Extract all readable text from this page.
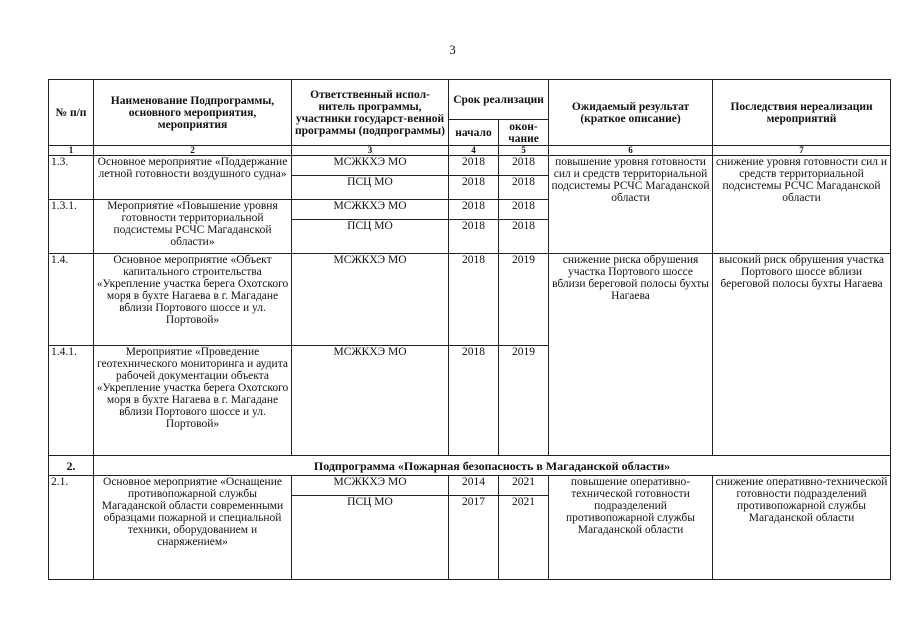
3
№ п/п	Наименование Подпрограммы, основного мероприятия, мероприятия	Ответственный испол-нитель программы, участники государст-венной программы (подпрограммы)	Срок реализации		Ожидаемый результат (краткое описание)	Последствия нереализации мероприятий
			начало	окон-чание		
1	2	3	4	5	6	7
1.3.	Основное мероприятие «Поддержание летной готовности воздушного судна»	МСЖКХЭ МО	2018	2018	повышение уровня готовности сил и средств территориальной подсистемы РСЧС Магаданской области	снижение уровня готовности сил и средств территориальной подсистемы РСЧС Магаданской области
		ПСЦ МО	2018	2018		
1.3.1.	Мероприятие «Повышение уровня готовности территориальной подсистемы РСЧС Магаданской области»	МСЖКХЭ МО	2018	2018		
		ПСЦ МО	2018	2018		
1.4.	Основное мероприятие «Объект капитального строительства «Укрепление участка берега Охотского моря в бухте Нагаева в г. Магадане вблизи Портового шоссе и ул. Портовой»	МСЖКХЭ МО	2018	2019	снижение риска обрушения участка Портового шоссе вблизи береговой полосы бухты Нагаева	высокий риск обрушения участка Портового шоссе вблизи береговой полосы бухты Нагаева
1.4.1.	Мероприятие «Проведение геотехнического мониторинга и аудита рабочей документации объекта «Укрепление участка берега Охотского моря в бухте Нагаева в г. Магадане вблизи Портового шоссе и ул. Портовой»	МСЖКХЭ МО	2018	2019		
2.	Подпрограмма «Пожарная безопасность в Магаданской области»					
2.1.	Основное мероприятие «Оснащение противопожарной службы Магаданской области современными образцами пожарной и специальной техники, оборудованием и снаряжением»	МСЖКХЭ МО	2014	2021	повышение оперативно-технической готовности подразделений противопожарной службы Магаданской области	снижение оперативно-технической готовности подразделений противопожарной службы Магаданской области
		ПСЦ МО	2017	2021		
